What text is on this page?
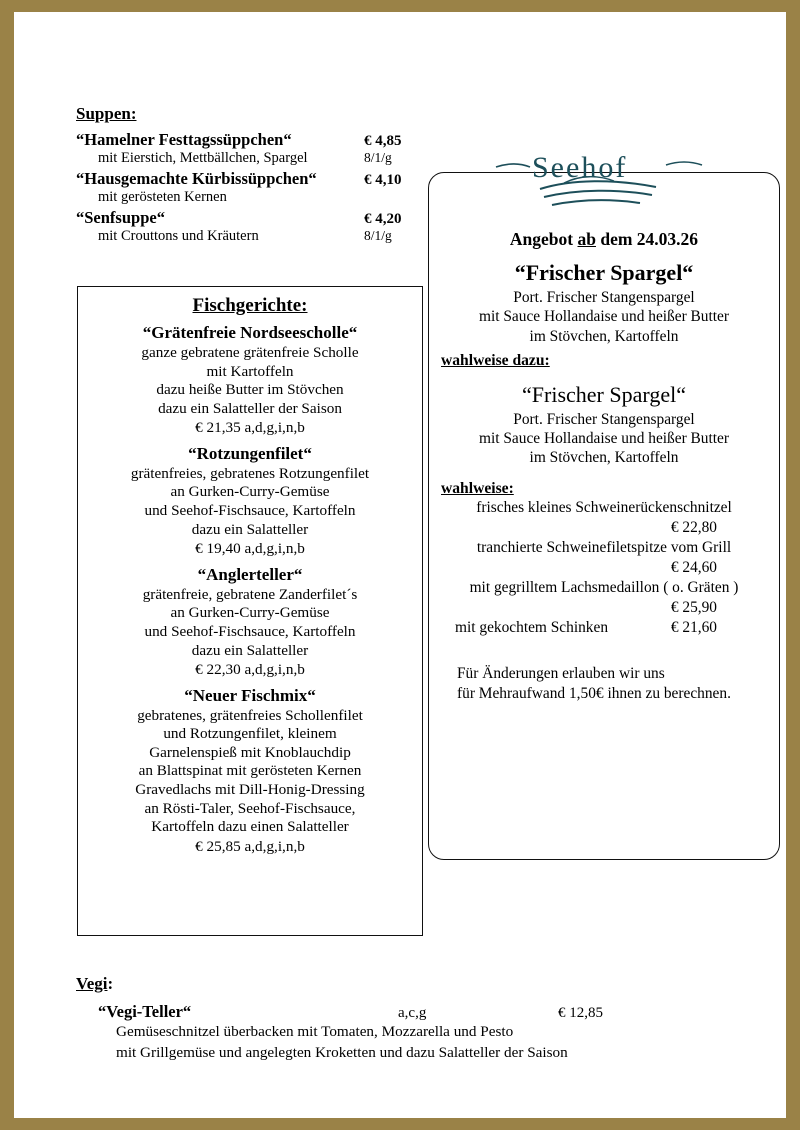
Suppen:
“Hamelner Festtagssüppchen“	€ 4,85
mit Eierstich, Mettbällchen, Spargel	8/1/g
“Hausgemachte Kürbissüppchen“	€ 4,10
mit gerösteten Kernen
“Senfsuppe“	€ 4,20
mit Crouttons und Kräutern	8/1/g
Fischgerichte:
“Grätenfreie Nordseescholle“
ganze gebratene grätenfreie Scholle
mit Kartoffeln
dazu heiße Butter im Stövchen
dazu ein Salatteller der Saison
€ 21,35 a,d,g,i,n,b
“Rotzungenfilet“
grätenfreies, gebratenes Rotzungenfilet
an Gurken-Curry-Gemüse
und Seehof-Fischsauce, Kartoffeln
dazu ein Salatteller
€ 19,40 a,d,g,i,n,b
“Anglerteller“
grätenfreie, gebratene Zanderfilet´s
an Gurken-Curry-Gemüse
und Seehof-Fischsauce, Kartoffeln
dazu ein Salatteller
€ 22,30 a,d,g,i,n,b
“Neuer Fischmix“
gebratenes, grätenfreies Schollenfilet
und Rotzungenfilet, kleinem
Garnelenspieß mit Knoblauchdip
an Blattspinat mit gerösteten Kernen
Gravedlachs mit Dill-Honig-Dressing
an Rösti-Taler, Seehof-Fischsauce,
Kartoffeln dazu einen Salatteller
€ 25,85 a,d,g,i,n,b
Angebot ab dem 24.03.26
“Frischer Spargel“
Port. Frischer Stangenspargel
mit Sauce Hollandaise und heißer Butter
im Stövchen, Kartoffeln
wahlweise dazu:
“Frischer Spargel“
Port. Frischer Stangenspargel
mit Sauce Hollandaise und heißer Butter
im Stövchen, Kartoffeln
wahlweise:
frisches kleines Schweinerückenschnitzel
€ 22,80
tranchierte Schweinefiletspitze vom Grill
€ 24,60
mit gegrilltem Lachsmedaillon ( o. Gräten )
€ 25,90
mit gekochtem Schinken	€ 21,60
Für Änderungen erlauben wir uns
für Mehraufwand 1,50€ ihnen zu berechnen.
Seehof
Vegi:
“Vegi-Teller“	a,c,g	€ 12,85
Gemüseschnitzel überbacken mit Tomaten, Mozzarella und Pesto
mit Grillgemüse und angelegten Kroketten und dazu Salatteller der Saison
